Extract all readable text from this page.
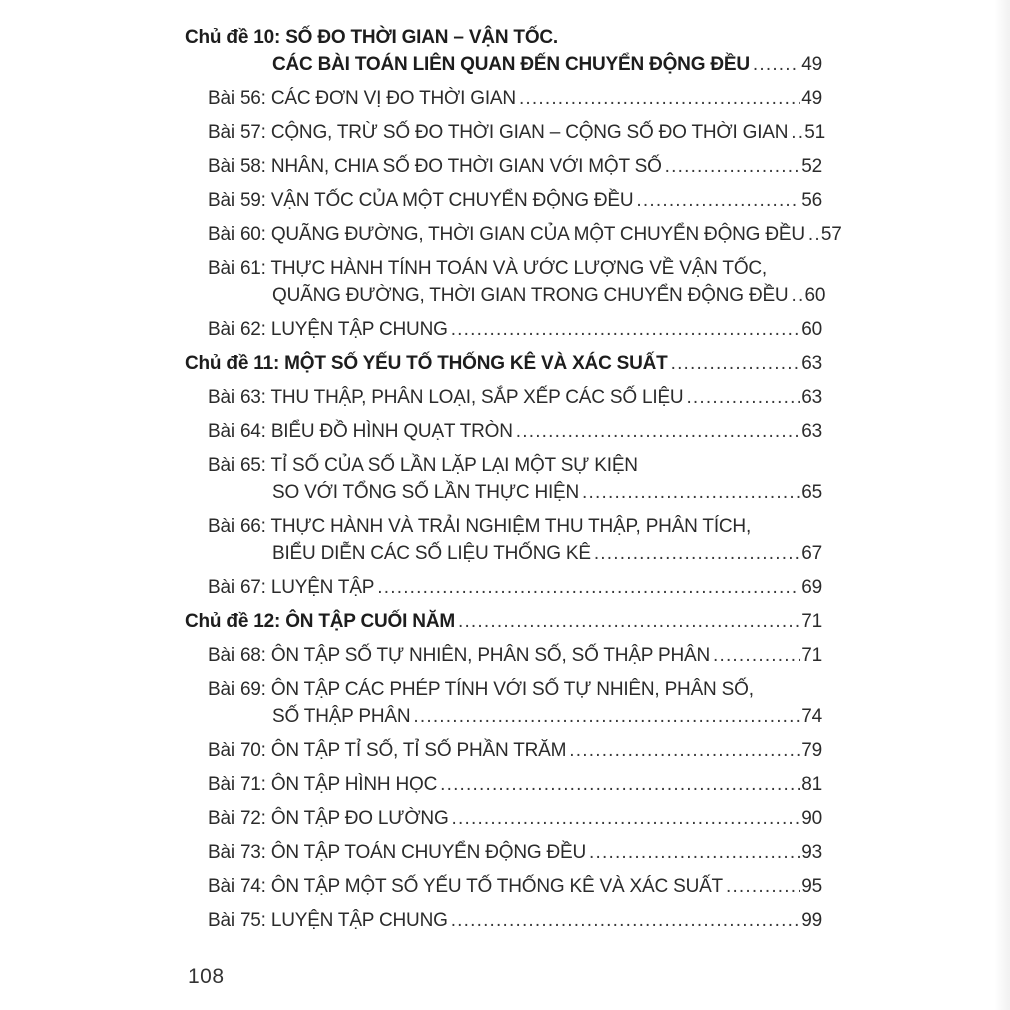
Chủ đề 10: SỐ ĐO THỜI GIAN – VẬN TỐC.
CÁC BÀI TOÁN LIÊN QUAN ĐẾN CHUYỂN ĐỘNG ĐỀU .....	49
Bài 56: CÁC ĐƠN VỊ ĐO THỜI GIAN .....	49
Bài 57: CỘNG, TRỪ SỐ ĐO THỜI GIAN – CỘNG SỐ ĐO THỜI GIAN ..... 51
Bài 58: NHÂN, CHIA SỐ ĐO THỜI GIAN VỚI MỘT SỐ .....	52
Bài 59: VẬN TỐC CỦA MỘT CHUYỂN ĐỘNG ĐỀU .....	56
Bài 60: QUÃNG ĐƯỜNG, THỜI GIAN CỦA MỘT CHUYỂN ĐỘNG ĐỀU ..... 57
Bài 61: THỰC HÀNH TÍNH TOÁN VÀ ƯỚC LƯỢNG VỀ VẬN TỐC,
QUÃNG ĐƯỜNG, THỜI GIAN TRONG CHUYỂN ĐỘNG ĐỀU ..... 60
Bài 62: LUYỆN TẬP CHUNG .....	60
Chủ đề 11: MỘT SỐ YẾU TỐ THỐNG KÊ VÀ XÁC SUẤT .....	63
Bài 63: THU THẬP, PHÂN LOẠI, SẮP XẾP CÁC SỐ LIỆU .....	63
Bài 64: BIỂU ĐỒ HÌNH QUẠT TRÒN .....	63
Bài 65: TỈ SỐ CỦA SỐ LẦN LẶP LẠI MỘT SỰ KIỆN
SO VỚI TỔNG SỐ LẦN THỰC HIỆN .....	65
Bài 66: THỰC HÀNH VÀ TRẢI NGHIỆM THU THẬP, PHÂN TÍCH,
BIỂU DIỄN CÁC SỐ LIỆU THỐNG KÊ .....	67
Bài 67: LUYỆN TẬP .....	69
Chủ đề 12: ÔN TẬP CUỐI NĂM .....	71
Bài 68: ÔN TẬP SỐ TỰ NHIÊN, PHÂN SỐ, SỐ THẬP PHÂN .....	71
Bài 69: ÔN TẬP CÁC PHÉP TÍNH VỚI SỐ TỰ NHIÊN, PHÂN SỐ,
SỐ THẬP PHÂN .....	74
Bài 70: ÔN TẬP TỈ SỐ, TỈ SỐ PHẦN TRĂM .....	79
Bài 71: ÔN TẬP HÌNH HỌC .....	81
Bài 72: ÔN TẬP ĐO LƯỜNG .....	90
Bài 73: ÔN TẬP TOÁN CHUYỂN ĐỘNG ĐỀU .....	93
Bài 74: ÔN TẬP MỘT SỐ YẾU TỐ THỐNG KÊ VÀ XÁC SUẤT .....	95
Bài 75: LUYỆN TẬP CHUNG .....	99
108
